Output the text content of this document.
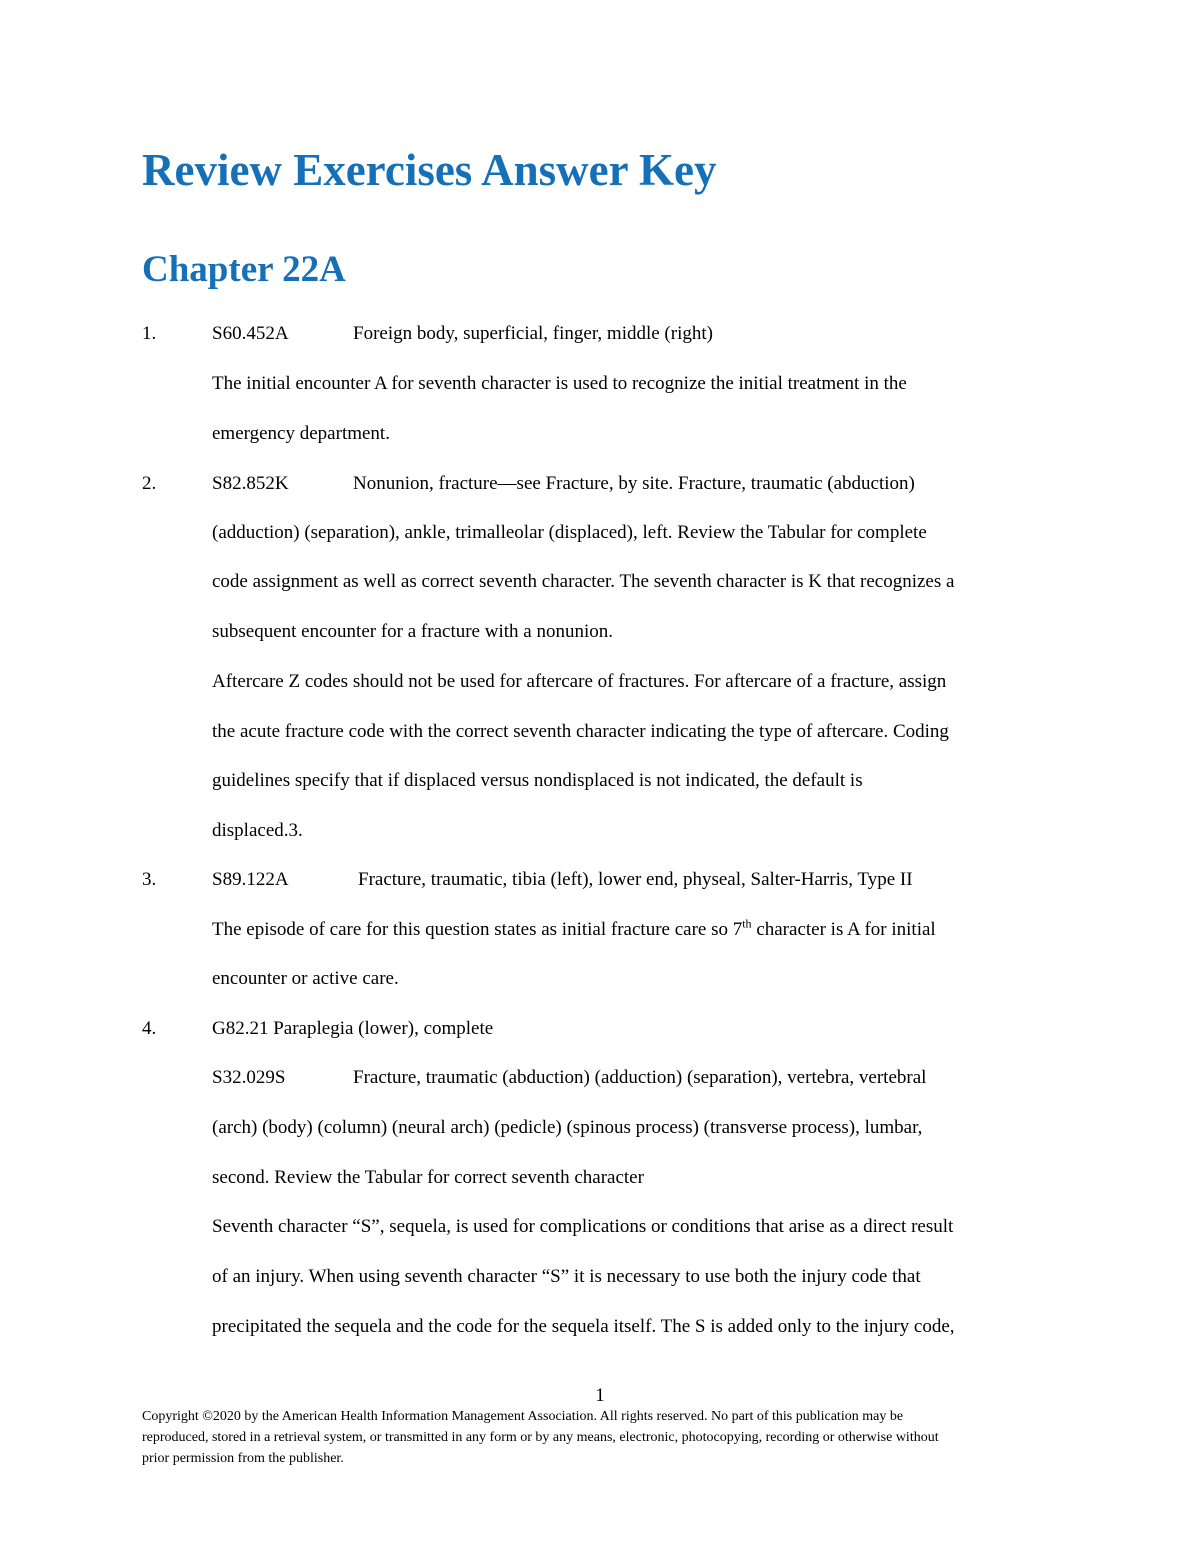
Review Exercises Answer Key
Chapter 22A
1.	S60.452A	Foreign body, superficial, finger, middle (right)
The initial encounter A for seventh character is used to recognize the initial treatment in the
emergency department.
2.	S82.852K	Nonunion, fracture—see Fracture, by site. Fracture, traumatic (abduction)
(adduction) (separation), ankle, trimalleolar (displaced), left. Review the Tabular for complete
code assignment as well as correct seventh character. The seventh character is K that recognizes a
subsequent encounter for a fracture with a nonunion.
Aftercare Z codes should not be used for aftercare of fractures. For aftercare of a fracture, assign
the acute fracture code with the correct seventh character indicating the type of aftercare. Coding
guidelines specify that if displaced versus nondisplaced is not indicated, the default is
displaced.3.
3.	S89.122A	Fracture, traumatic, tibia (left), lower end, physeal, Salter-Harris, Type II
The episode of care for this question states as initial fracture care so 7th character is A for initial
encounter or active care.
4.	G82.21 Paraplegia (lower), complete
S32.029S	Fracture, traumatic (abduction) (adduction) (separation), vertebra, vertebral
(arch) (body) (column) (neural arch) (pedicle) (spinous process) (transverse process), lumbar,
second. Review the Tabular for correct seventh character
Seventh character “S”, sequela, is used for complications or conditions that arise as a direct result
of an injury. When using seventh character “S” it is necessary to use both the injury code that
precipitated the sequela and the code for the sequela itself. The S is added only to the injury code,
1
Copyright ©2020 by the American Health Information Management Association. All rights reserved. No part of this publication may be
reproduced, stored in a retrieval system, or transmitted in any form or by any means, electronic, photocopying, recording or otherwise without
prior permission from the publisher.
